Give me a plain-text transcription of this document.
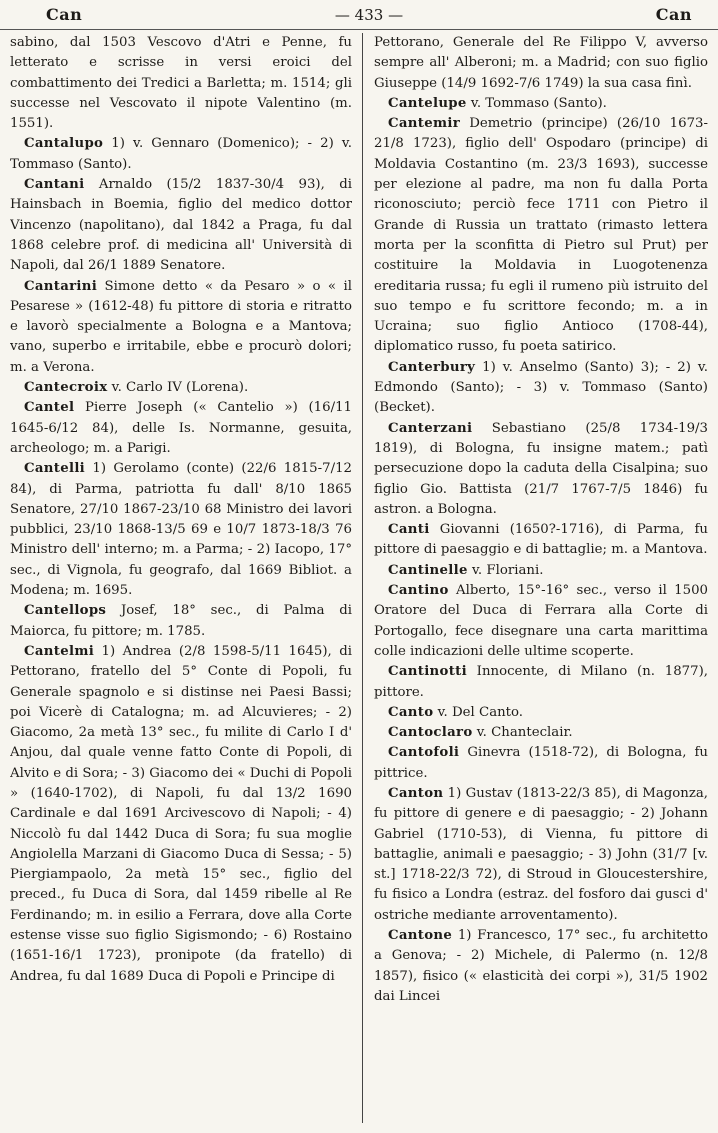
Can	— 433 —	Can

sabino, dal 1503 Vescovo d'Atri e Penne, fu letterato e scrisse in versi eroici del combattimento dei Tredici a Barletta; m. 1514; gli successe nel Vescovato il nipote Valentino (m. 1551).

Cantalupo 1) v. Gennaro (Domenico); - 2) v. Tommaso (Santo).

Cantani Arnaldo (15/2 1837-30/4 93), di Hainsbach in Boemia, figlio del medico dottor Vincenzo (napolitano), dal 1842 a Praga, fu dal 1868 celebre prof. di medicina all' Università di Napoli, dal 26/1 1889 Senatore.

Cantarini Simone detto « da Pesaro » o « il Pesarese » (1612-48) fu pittore di storia e ritratto e lavorò specialmente a Bologna e a Mantova; vano, superbo e irritabile, ebbe e procurò dolori; m. a Verona.

Cantecroix v. Carlo IV (Lorena).

Cantel Pierre Joseph (« Cantelio ») (16/11 1645-6/12 84), delle Is. Normanne, gesuita, archeologo; m. a Parigi.

Cantelli 1) Gerolamo (conte) (22/6 1815-7/12 84), di Parma, patriotta fu dall' 8/10 1865 Senatore, 27/10 1867-23/10 68 Ministro dei lavori pubblici, 23/10 1868-13/5 69 e 10/7 1873-18/3 76 Ministro dell' interno; m. a Parma; - 2) Iacopo, 17° sec., di Vignola, fu geografo, dal 1669 Bibliot. a Modena; m. 1695.

Cantellops Josef, 18° sec., di Palma di Maiorca, fu pittore; m. 1785.

Cantelmi 1) Andrea (2/8 1598-5/11 1645), di Pettorano, fratello del 5° Conte di Popoli, fu Generale spagnolo e si distinse nei Paesi Bassi; poi Vicerè di Catalogna; m. ad Alcuvieres; - 2) Giacomo, 2a metà 13° sec., fu milite di Carlo I d' Anjou, dal quale venne fatto Conte di Popoli, di Alvito e di Sora; - 3) Giacomo dei « Duchi di Popoli » (1640-1702), di Napoli, fu dal 13/2 1690 Cardinale e dal 1691 Arcivescovo di Napoli; - 4) Niccolò fu dal 1442 Duca di Sora; fu sua moglie Angiolella Marzani di Giacomo Duca di Sessa; - 5) Piergiampaolo, 2a metà 15° sec., figlio del preced., fu Duca di Sora, dal 1459 ribelle al Re Ferdinando; m. in esilio a Ferrara, dove alla Corte estense visse suo figlio Sigismondo; - 6) Rostaino (1651-16/1 1723), pronipote (da fratello) di Andrea, fu dal 1689 Duca di Popoli e Principe di

Pettorano, Generale del Re Filippo V, avverso sempre all' Alberoni; m. a Madrid; con suo figlio Giuseppe (14/9 1692-7/6 1749) la sua casa finì.

Cantelupe v. Tommaso (Santo).

Cantemir Demetrio (principe) (26/10 1673-21/8 1723), figlio dell' Ospodaro (principe) di Moldavia Costantino (m. 23/3 1693), successe per elezione al padre, ma non fu dalla Porta riconosciuto; perciò fece 1711 con Pietro il Grande di Russia un trattato (rimasto lettera morta per la sconfitta di Pietro sul Prut) per costituire la Moldavia in Luogotenenza ereditaria russa; fu egli il rumeno più istruito del suo tempo e fu scrittore fecondo; m. a in Ucraina; suo figlio Antioco (1708-44), diplomatico russo, fu poeta satirico.

Canterbury 1) v. Anselmo (Santo) 3); - 2) v. Edmondo (Santo); - 3) v. Tommaso (Santo) (Becket).

Canterzani Sebastiano (25/8 1734-19/3 1819), di Bologna, fu insigne matem.; patì persecuzione dopo la caduta della Cisalpina; suo figlio Gio. Battista (21/7 1767-7/5 1846) fu astron. a Bologna.

Canti Giovanni (1650?-1716), di Parma, fu pittore di paesaggio e di battaglie; m. a Mantova.

Cantinelle v. Floriani.

Cantino Alberto, 15°-16° sec., verso il 1500 Oratore del Duca di Ferrara alla Corte di Portogallo, fece disegnare una carta marittima colle indicazioni delle ultime scoperte.

Cantinotti Innocente, di Milano (n. 1877), pittore.

Canto v. Del Canto.

Cantoclaro v. Chanteclair.

Cantofoli Ginevra (1518-72), di Bologna, fu pittrice.

Canton 1) Gustav (1813-22/3 85), di Magonza, fu pittore di genere e di paesaggio; - 2) Johann Gabriel (1710-53), di Vienna, fu pittore di battaglie, animali e paesaggio; - 3) John (31/7 [v. st.] 1718-22/3 72), di Stroud in Gloucestershire, fu fisico a Londra (estraz. del fosforo dai gusci d' ostriche mediante arroventamento).

Cantone 1) Francesco, 17° sec., fu architetto a Genova; - 2) Michele, di Palermo (n. 12/8 1857), fisico (« elasticità dei corpi »), 31/5 1902 dai Lincei
